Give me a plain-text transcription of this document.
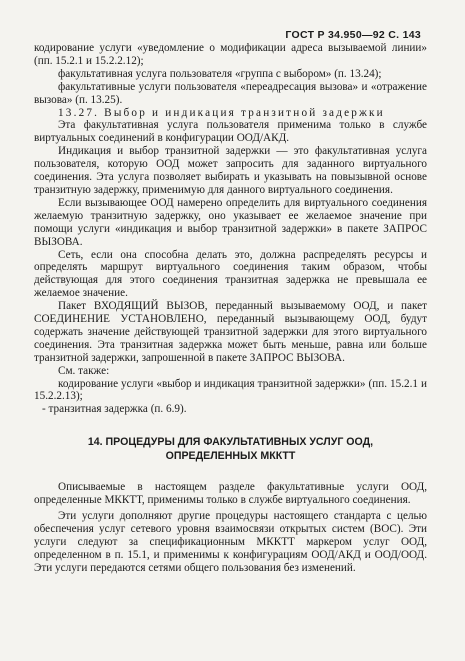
ГОСТ Р 34.950—92 С. 143

кодирование услуги «уведомление о модификации адреса вызываемой линии» (пп. 15.2.1 и 15.2.2.12);

факультативная услуга пользователя «группа с выбором» (п. 13.24);

факультативные услуги пользователя «переадресация вызова» и «отражение вызова» (п. 13.25).

13.27. Выбор и индикация транзитной задержки

Эта факультативная услуга пользователя применима только в службе виртуальных соединений в конфигурации ООД/АКД.

Индикация и выбор транзитной задержки — это факультативная услуга пользователя, которую ООД может запросить для заданного виртуального соединения. Эта услуга позволяет выбирать и указывать на повызывной основе транзитную задержку, применимую для данного виртуального соединения.

Если вызывающее ООД намерено определить для виртуального соединения желаемую транзитную задержку, оно указывает ее желаемое значение при помощи услуги «индикация и выбор транзитной задержки» в пакете ЗАПРОС ВЫЗОВА.

Сеть, если она способна делать это, должна распределять ресурсы и определять маршрут виртуального соединения таким образом, чтобы действующая для этого соединения транзитная задержка не превышала ее желаемое значение.

Пакет ВХОДЯЩИЙ ВЫЗОВ, переданный вызываемому ООД, и пакет СОЕДИНЕНИЕ УСТАНОВЛЕНО, переданный вызывающему ООД, будут содержать значение действующей транзитной задержки для этого виртуального соединения. Эта транзитная задержка может быть меньше, равна или больше транзитной задержки, запрошенной в пакете ЗАПРОС ВЫЗОВА.

См. также:

кодирование услуги «выбор и индикация транзитной задержки» (пп. 15.2.1 и 15.2.2.13);

- транзитная задержка (п. 6.9).

14. ПРОЦЕДУРЫ ДЛЯ ФАКУЛЬТАТИВНЫХ УСЛУГ ООД,
ОПРЕДЕЛЕННЫХ МККТТ

Описываемые в настоящем разделе факультативные услуги ООД, определенные МККТТ, применимы только в службе виртуального соединения.

Эти услуги дополняют другие процедуры настоящего стандарта с целью обеспечения услуг сетевого уровня взаимосвязи открытых систем (ВОС). Эти услуги следуют за спецификационным МККТТ маркером услуг ООД, определенном в п. 15.1, и применимы к конфигурациям ООД/АКД и ООД/ООД. Эти услуги передаются сетями общего пользования без изменений.
